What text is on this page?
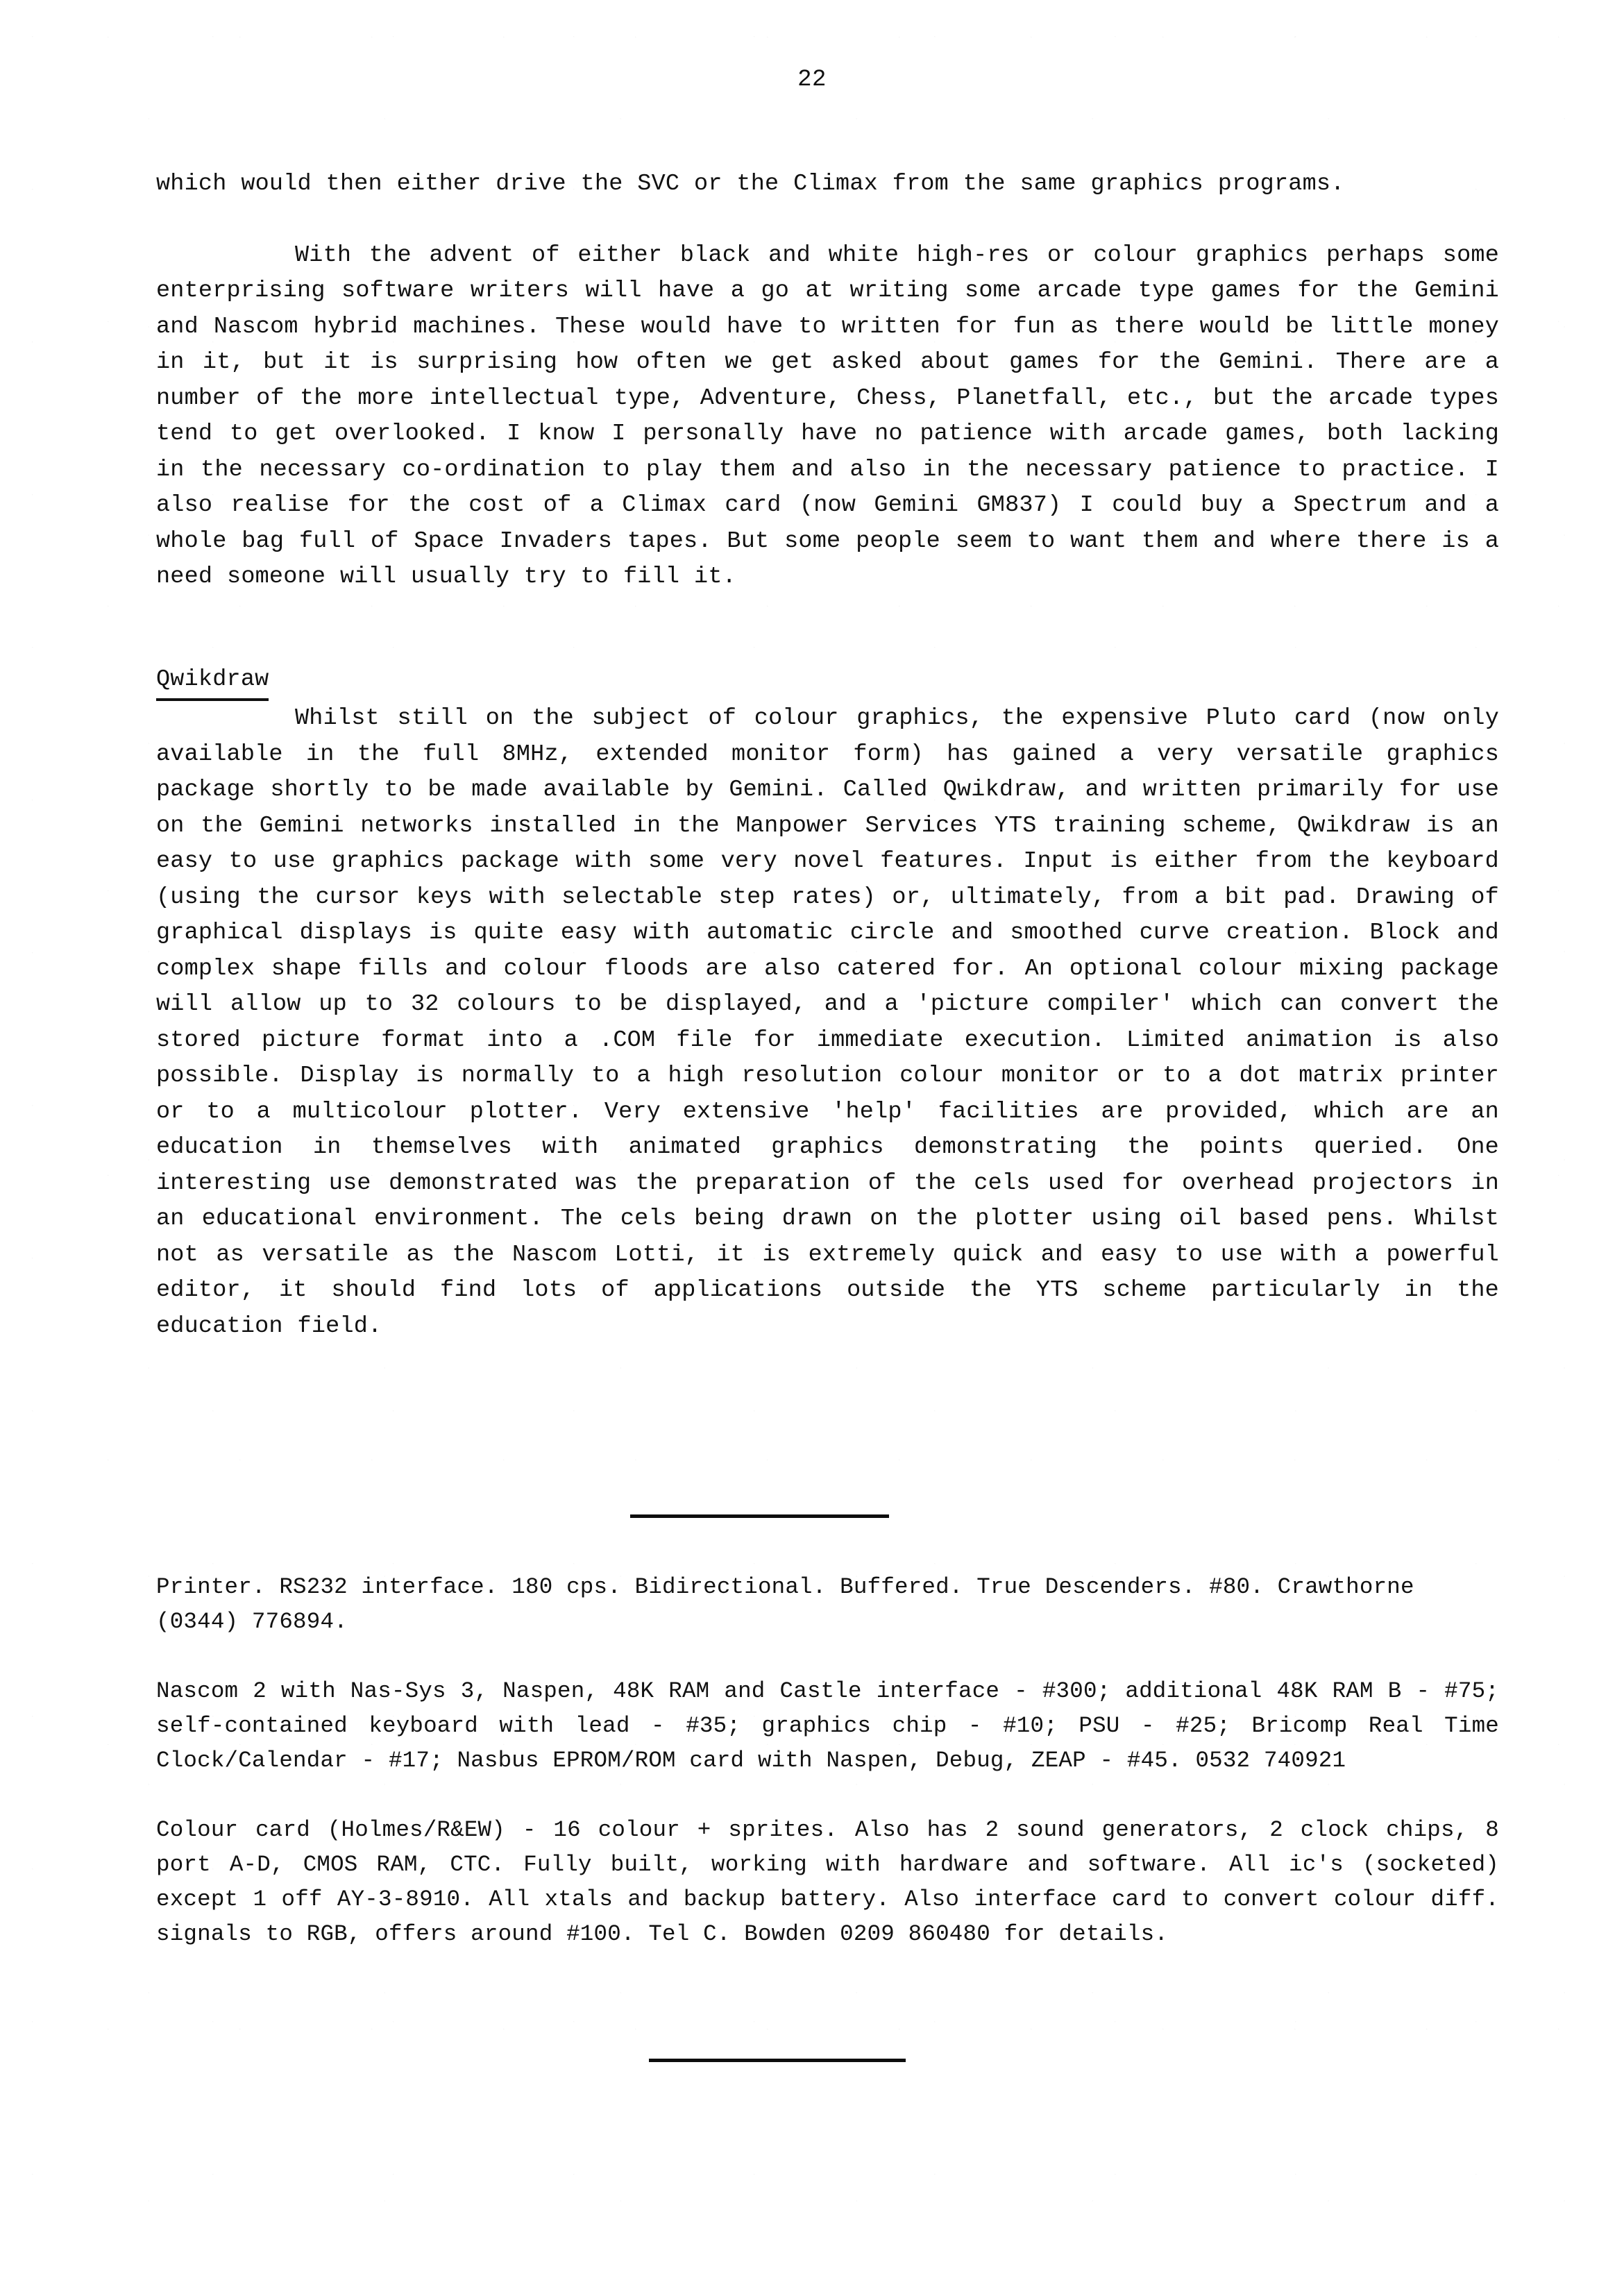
22

which would then either drive the SVC or the Climax from the same graphics programs.

With the advent of either black and white high-res or colour graphics perhaps some enterprising software writers will have a go at writing some arcade type games for the Gemini and Nascom hybrid machines. These would have to written for fun as there would be little money in it, but it is surprising how often we get asked about games for the Gemini. There are a number of the more intellectual type, Adventure, Chess, Planetfall, etc., but the arcade types tend to get overlooked. I know I personally have no patience with arcade games, both lacking in the necessary co-ordination to play them and also in the necessary patience to practice. I also realise for the cost of a Climax card (now Gemini GM837) I could buy a Spectrum and a whole bag full of Space Invaders tapes. But some people seem to want them and where there is a need someone will usually try to fill it.

Qwikdraw

Whilst still on the subject of colour graphics, the expensive Pluto card (now only available in the full 8MHz, extended monitor form) has gained a very versatile graphics package shortly to be made available by Gemini. Called Qwikdraw, and written primarily for use on the Gemini networks installed in the Manpower Services YTS training scheme, Qwikdraw is an easy to use graphics package with some very novel features. Input is either from the keyboard (using the cursor keys with selectable step rates) or, ultimately, from a bit pad. Drawing of graphical displays is quite easy with automatic circle and smoothed curve creation. Block and complex shape fills and colour floods are also catered for. An optional colour mixing package will allow up to 32 colours to be displayed, and a 'picture compiler' which can convert the stored picture format into a .COM file for immediate execution. Limited animation is also possible. Display is normally to a high resolution colour monitor or to a dot matrix printer or to a multicolour plotter. Very extensive 'help' facilities are provided, which are an education in themselves with animated graphics demonstrating the points queried. One interesting use demonstrated was the preparation of the cels used for overhead projectors in an educational environment. The cels being drawn on the plotter using oil based pens. Whilst not as versatile as the Nascom Lotti, it is extremely quick and easy to use with a powerful editor, it should find lots of applications outside the YTS scheme particularly in the education field.

Printer. RS232 interface. 180 cps. Bidirectional. Buffered. True Descenders. #80. Crawthorne (0344) 776894.

Nascom 2 with Nas-Sys 3, Naspen, 48K RAM and Castle interface - #300; additional 48K RAM B - #75; self-contained keyboard with lead - #35; graphics chip - #10; PSU - #25; Bricomp Real Time Clock/Calendar - #17; Nasbus EPROM/ROM card with Naspen, Debug, ZEAP - #45. 0532 740921

Colour card (Holmes/R&EW) - 16 colour + sprites. Also has 2 sound generators, 2 clock chips, 8 port A-D, CMOS RAM, CTC. Fully built, working with hardware and software. All ic's (socketed) except 1 off AY-3-8910. All xtals and backup battery. Also interface card to convert colour diff. signals to RGB, offers around #100. Tel C. Bowden 0209 860480 for details.
